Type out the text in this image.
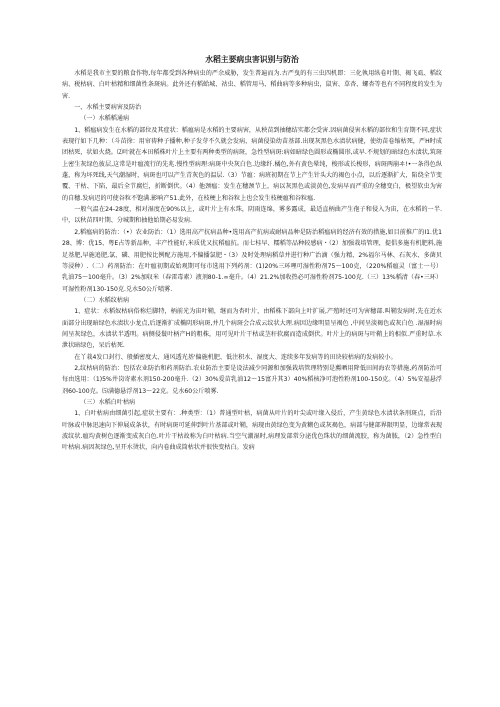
水稻主要病虫害识别与防治

水稻是我市主要的粮食作物,每年都受到各种病虫的严余威胁，发生普遍而为.古严曳的有三虫四机即：三化執用纵卷叶期、褐飞虱、稻纹病、税枯病、白叶枯精和细菌性条斑病。此外还有稻蛤城、祜虫、稻管用马、稻曲病等多种病虫，鼠害、草杏、螺杏等也有不同程度的发生为害.

一、水稻主要病害及防治

（一）水稻稻通病

1、稻瘟病发生在水稻的部位及其症状：稻瘟病是水稻的主要病害，从秧苗到抽穗结实都会受害.因病菌侵害水稻的部位和生育期不同,症状表现行如下几种：（斗苗徐：用帘祷种子播种,种子发芽不久就会发病，病菌侵染幼苗基部.出现灰黑色水渍状病健，使幼苗卷缩枯死，严H时成团枯死，状如火烧。⑵叶就在本田稻株叶片上主要有两种类型的病斑，急性型病斑:病如暗绿色圆形或椭圆形,或早.不规划的暗绿色水渍状,筑斑上密生灰绿色彼层,这常是叶瘟流行的先兆.慢性型病理:病斑中央灰白色.边缘纤.橘色,外有黄色晕纯，梭形或长梭形，病斑两崩ヰ!•一条得色纵蓬，称为坏死线,天气潮湿时，病斑也可以产生青灰色的温层.（3）节瘟：病班初期在节上产生针头大的褐色小点，以后逐渐扩大，陷绕全节变覆、干枯、下陷，最后全节腐烂，折断倒伏。（4）他颈瘟：发生在穗颈节上，病以灰黑色或淡黄色,发病早而严重的全穗变白，极望软虫为害的自穗.发病迟的可使谷粒不饱满.影响产51.此外，在枝梗上和谷粒上也会发生枝梗瘟和谷粒瘟.

一般气温在24-28度，相对湿度在90%以上，或叶片上有水珠，阴雨连绵，雾多露成，最适直柄曲产生孢子和侵入为宙，在水稻的一半.中，以秋苗四叶期、分城期和抽他始期必易发病.

2,稻瘟病的防治：（•）农业防治：（1）选用高产抗病品种•选用高产抗病或耐病品种是防治稻瘟病的经济有效的措施,如目前推广的I1.优128、博：优15、粤E占等新品种，丰产性能好,米质优又抗稻瘟抗。而七桂早、糯稻等品种较感病・（2）加强栽培管理，提倡多施有机肥料,施足基肥,早施追肥,氯、磷、用肥按比例配方施用,不偏播氯肥・（3）及时处理病稻草并进行种广治滴（强力精、2%福尔马林、石灰水、多菌贝等浸种）.（二）药剂防治：在叶瘟初期或始观期可每市选用下列药剂：(1)20%三环哩可湿性粉剂75～100克，（220%稻瘟灵（富士一号）乳油75～100毫升。（3）2%加収米（春雷毒素）液剂80-1.∞毫升。（4）21.2%加收热必可湿性粉剂75-100克.（三）13%稻清（春•三环）可湿性粉剂130-150克.兑水50公斤喷雾.

（二）水稻纹枯病

1、症状：水稻奴枯病俗称烂脚特，柄前光为宙叶鞘，继而为杏叶片，由稻株下部向上叶扩展,产殖时还可为害穗部.叫鞘发病时,先在近水面部分出现暗绿色水渍状小龙点,后逐渐扩成椭阴形病斑,并几个病斑会合成云纹状大理.病因边缘明显呈褐色 ,中间呈淡褐色或灰白色 .湿湿时病间呈灰绿色，水渍状半透明。病侧侵鬟叶柄产H的粗株，用可见叶片干枯或茎秆软腐而造成倒伏。叶片上的病斑与叶鞘上的相似.严重时草.水泄状暗绿色，呆后枯死.

在丫栽4发口封行、般插密度大、通风透光基'偏施机肥、低注积水、湿度大、连续多年发病等的田块较枯病的发病较小。

2,纹枯病的防治：包括农业防治和药剂防治.农业防治主要是设法减少同源和加强栽培管理特别是薦晒用降低田间海农等措施,药剂防治可每由选用：（1)5%井岗寄素水剂150-200毫升.（2）30%爱苗乳油12～15富升其3）40%稻核净可泡性粉剂100-150克。（4）5%安福悬浮剂60-100克。⑸满德悬浮剂13～22克。兑水60公斤喷雾.

（三）水稻白叶枯病

1、白叶枯病由细菌引起,症状主要有：.种类型：（1）普通型叶枯，病菌从叶片的叶尖或叶缘入侵后，产生黄绿色水渍状条刖斑点，后沿叶脉或中脉迅速向下伸展成条状，有时病斑可延伸到叶片基部或叶鞘，病现由黄绿色变为黄糊色或灰褐色，病部与健部界限明显，边缘常表现波纹状.瘟均黄树色逐渐变成灰白色.叶片干枯故称为白叶枯病.当空气潮湿时,病理发部常分泌优色珠状的细菌流胶，称为菌脓，（2）急性型白叶枯病.病因灰绿色,呈开水烫状，向内卷曲成筒枯状并很快变枯白。发病
